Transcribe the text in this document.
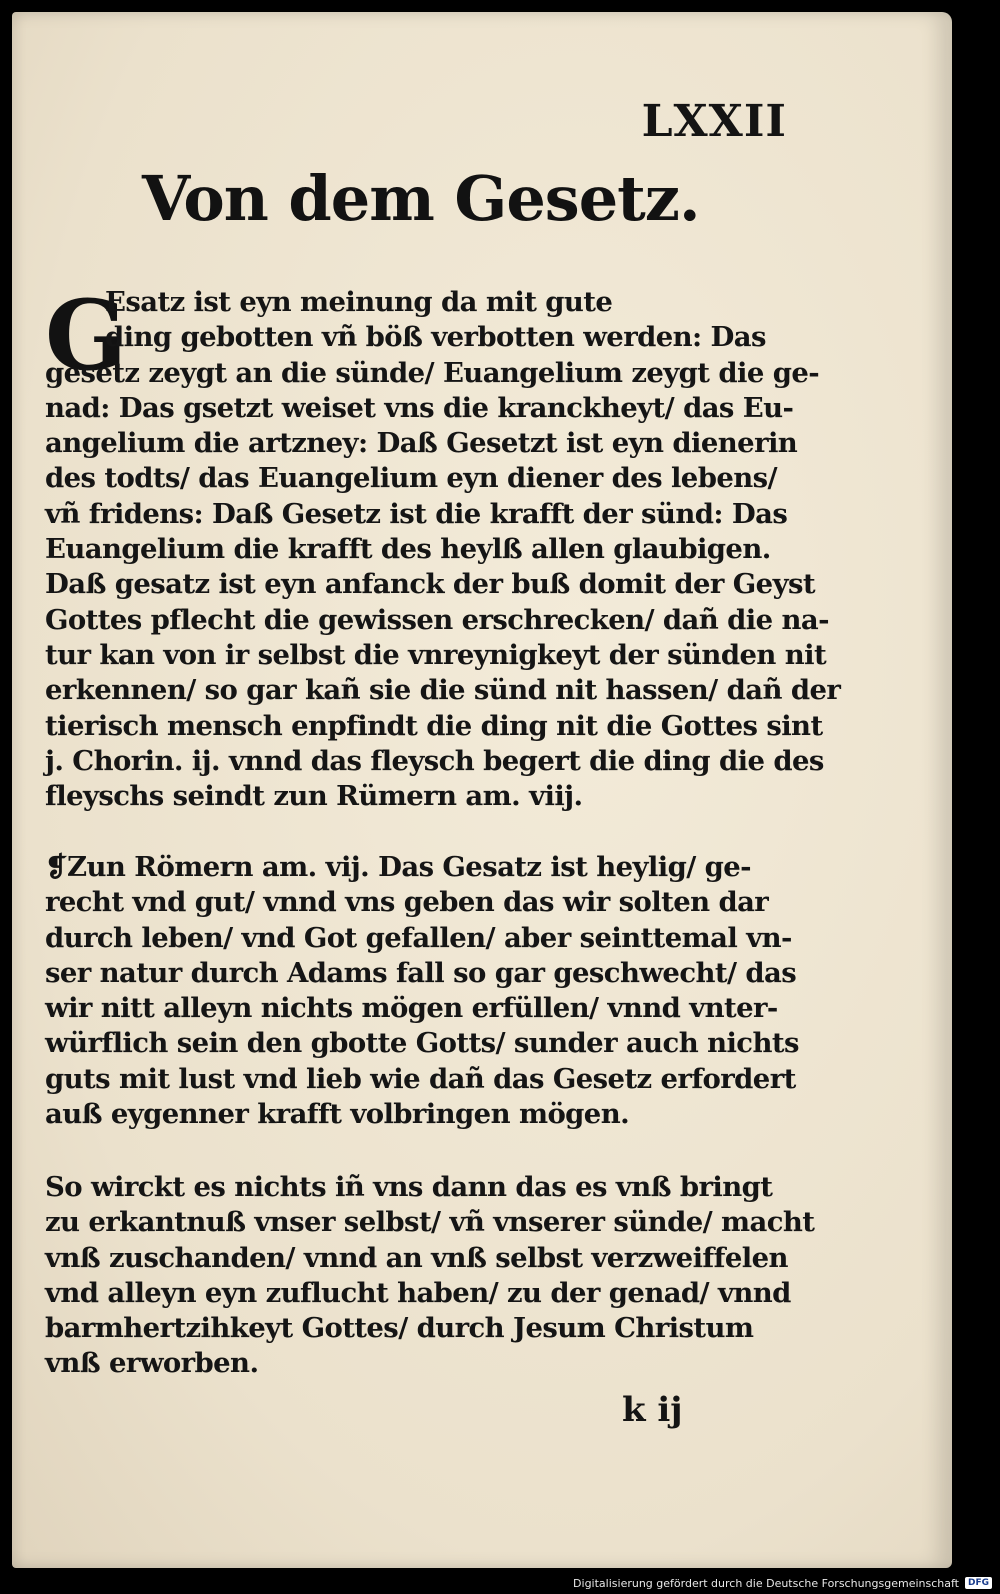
LXXII
Von dem Gesetz.
G
Esatz ist eyn meinung da mit gute
ding gebotten vñ böß verbotten werden: Das
gesetz zeygt an die sünde/ Euangelium zeygt die ge-
nad: Das gsetzt weiset vns die kranckheyt/ das Eu-
angelium die artzney: Daß Gesetzt ist eyn dienerin
des todts/ das Euangelium eyn diener des lebens/
vñ fridens: Daß Gesetz ist die krafft der sünd: Das
Euangelium die krafft des heylß allen glaubigen.
Daß gesatz ist eyn anfanck der buß domit der Geyst
Gottes pflecht die gewissen erschrecken/ dañ die na-
tur kan von ir selbst die vnreynigkeyt der sünden nit
erkennen/ so gar kañ sie die sünd nit hassen/ dañ der
tierisch mensch enpfindt die ding nit die Gottes sint
j. Chorin. ij. vnnd das fleysch begert die ding die des
fleyschs seindt zun Rümern am. viij.
❡Zun Römern am. vij. Das Gesatz ist heylig/ ge-
recht vnd gut/ vnnd vns geben das wir solten dar
durch leben/ vnd Got gefallen/ aber seinttemal vn-
ser natur durch Adams fall so gar geschwecht/ das
wir nitt alleyn nichts mögen erfüllen/ vnnd vnter-
würflich sein den gbotte Gotts/ sunder auch nichts
guts mit lust vnd lieb wie dañ das Gesetz erfordert
auß eygenner krafft volbringen mögen.
So wirckt es nichts iñ vns dann das es vnß bringt
zu erkantnuß vnser selbst/ vñ vnserer sünde/ macht
vnß zuschanden/ vnnd an vnß selbst verzweiffelen
vnd alleyn eyn zuflucht haben/ zu der genad/ vnnd
barmhertzihkeyt Gottes/ durch Jesum Christum
vnß erworben.
k ij
Digitalisierung gefördert durch die Deutsche Forschungsgemeinschaft	DFG
